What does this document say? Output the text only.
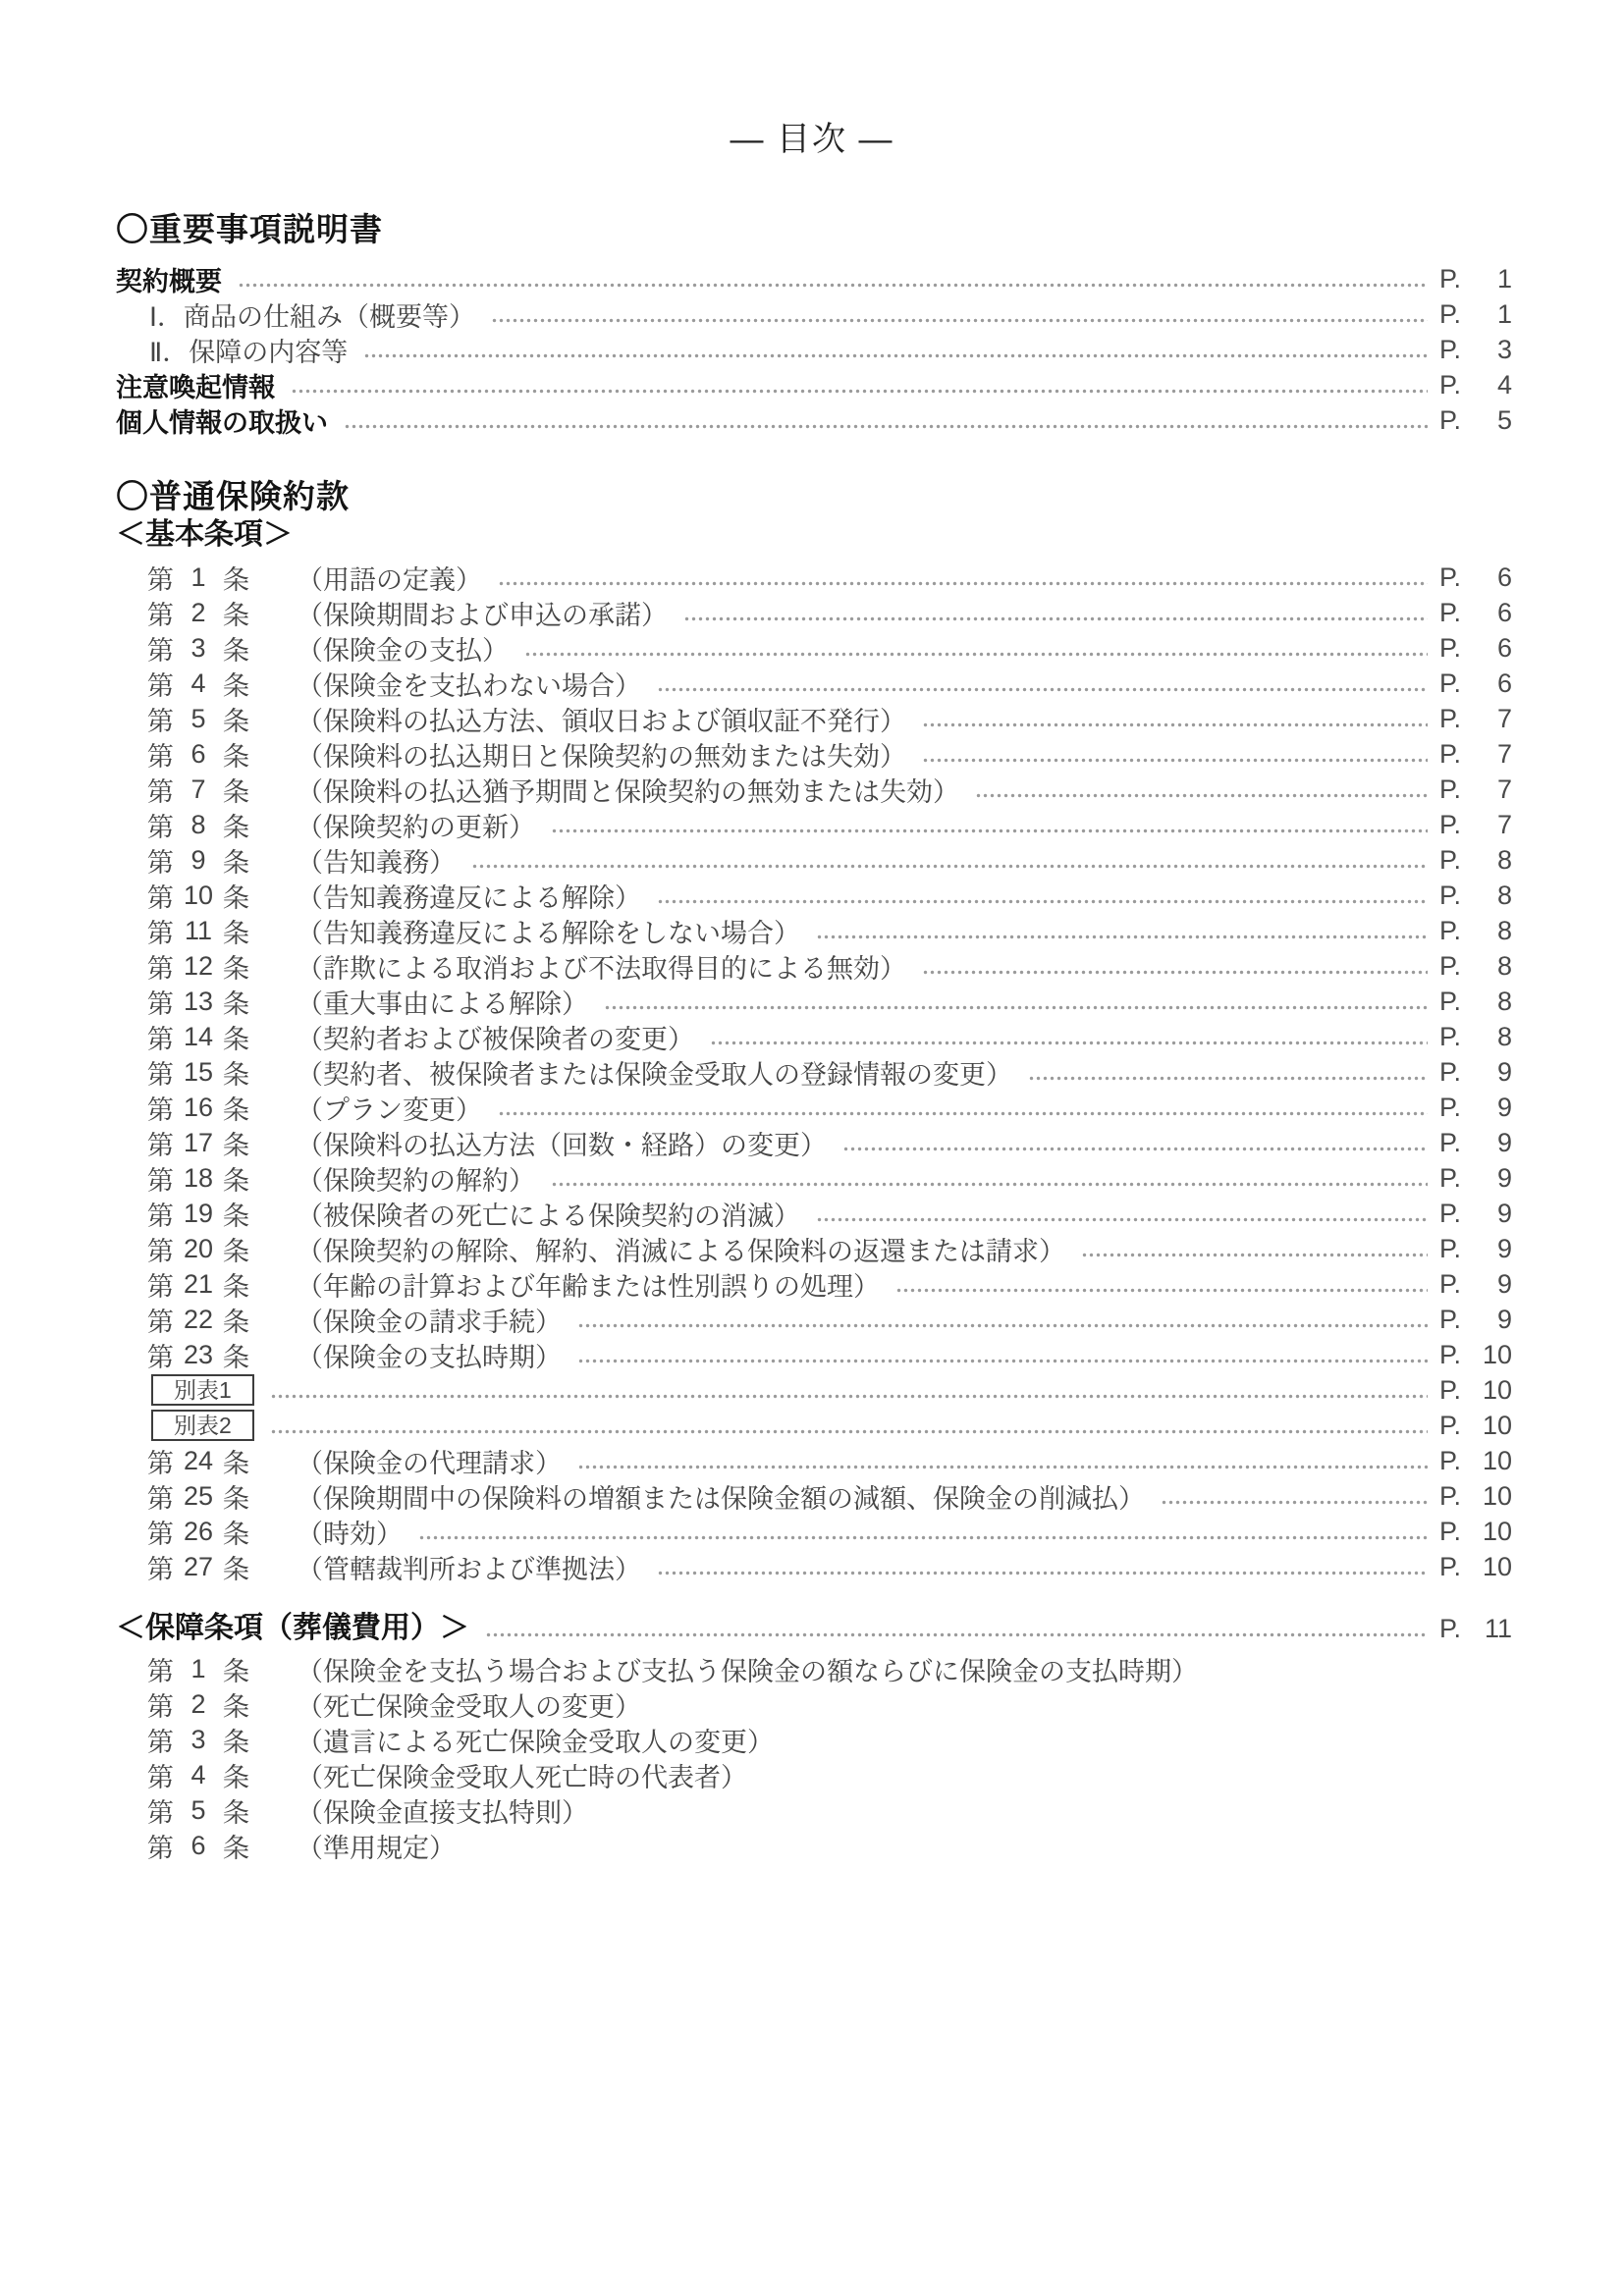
― 目次 ―
〇重要事項説明書
契約概要	P.	1
Ⅰ．商品の仕組み（概要等）	P.	1
Ⅱ．保障の内容等	P.	3
注意喚起情報	P.	4
個人情報の取扱い	P.	5
〇普通保険約款
＜基本条項＞
第 1 条 （用語の定義）	P.	6
第 2 条 （保険期間および申込の承諾）	P.	6
第 3 条 （保険金の支払）	P.	6
第 4 条 （保険金を支払わない場合）	P.	6
第 5 条 （保険料の払込方法、領収日および領収証不発行）	P.	7
第 6 条 （保険料の払込期日と保険契約の無効または失効）	P.	7
第 7 条 （保険料の払込猶予期間と保険契約の無効または失効）	P.	7
第 8 条 （保険契約の更新）	P.	7
第 9 条 （告知義務）	P.	8
第 10 条 （告知義務違反による解除）	P.	8
第 11 条 （告知義務違反による解除をしない場合）	P.	8
第 12 条 （詐欺による取消および不法取得目的による無効）	P.	8
第 13 条 （重大事由による解除）	P.	8
第 14 条 （契約者および被保険者の変更）	P.	8
第 15 条 （契約者、被保険者または保険金受取人の登録情報の変更）	P.	9
第 16 条 （プラン変更）	P.	9
第 17 条 （保険料の払込方法（回数・経路）の変更）	P.	9
第 18 条 （保険契約の解約）	P.	9
第 19 条 （被保険者の死亡による保険契約の消滅）	P.	9
第 20 条 （保険契約の解除、解約、消滅による保険料の返還または請求）	P.	9
第 21 条 （年齢の計算および年齢または性別誤りの処理）	P.	9
第 22 条 （保険金の請求手続）	P.	9
第 23 条 （保険金の支払時期）	P. 10
別表1	P. 10
別表2	P. 10
第 24 条 （保険金の代理請求）	P. 10
第 25 条 （保険期間中の保険料の増額または保険金額の減額、保険金の削減払）	P. 10
第 26 条 （時効）	P. 10
第 27 条 （管轄裁判所および準拠法）	P. 10
＜保障条項（葬儀費用）＞	P. 11
第 1 条 （保険金を支払う場合および支払う保険金の額ならびに保険金の支払時期）
第 2 条 （死亡保険金受取人の変更）
第 3 条 （遺言による死亡保険金受取人の変更）
第 4 条 （死亡保険金受取人死亡時の代表者）
第 5 条 （保険金直接支払特則）
第 6 条 （準用規定）
